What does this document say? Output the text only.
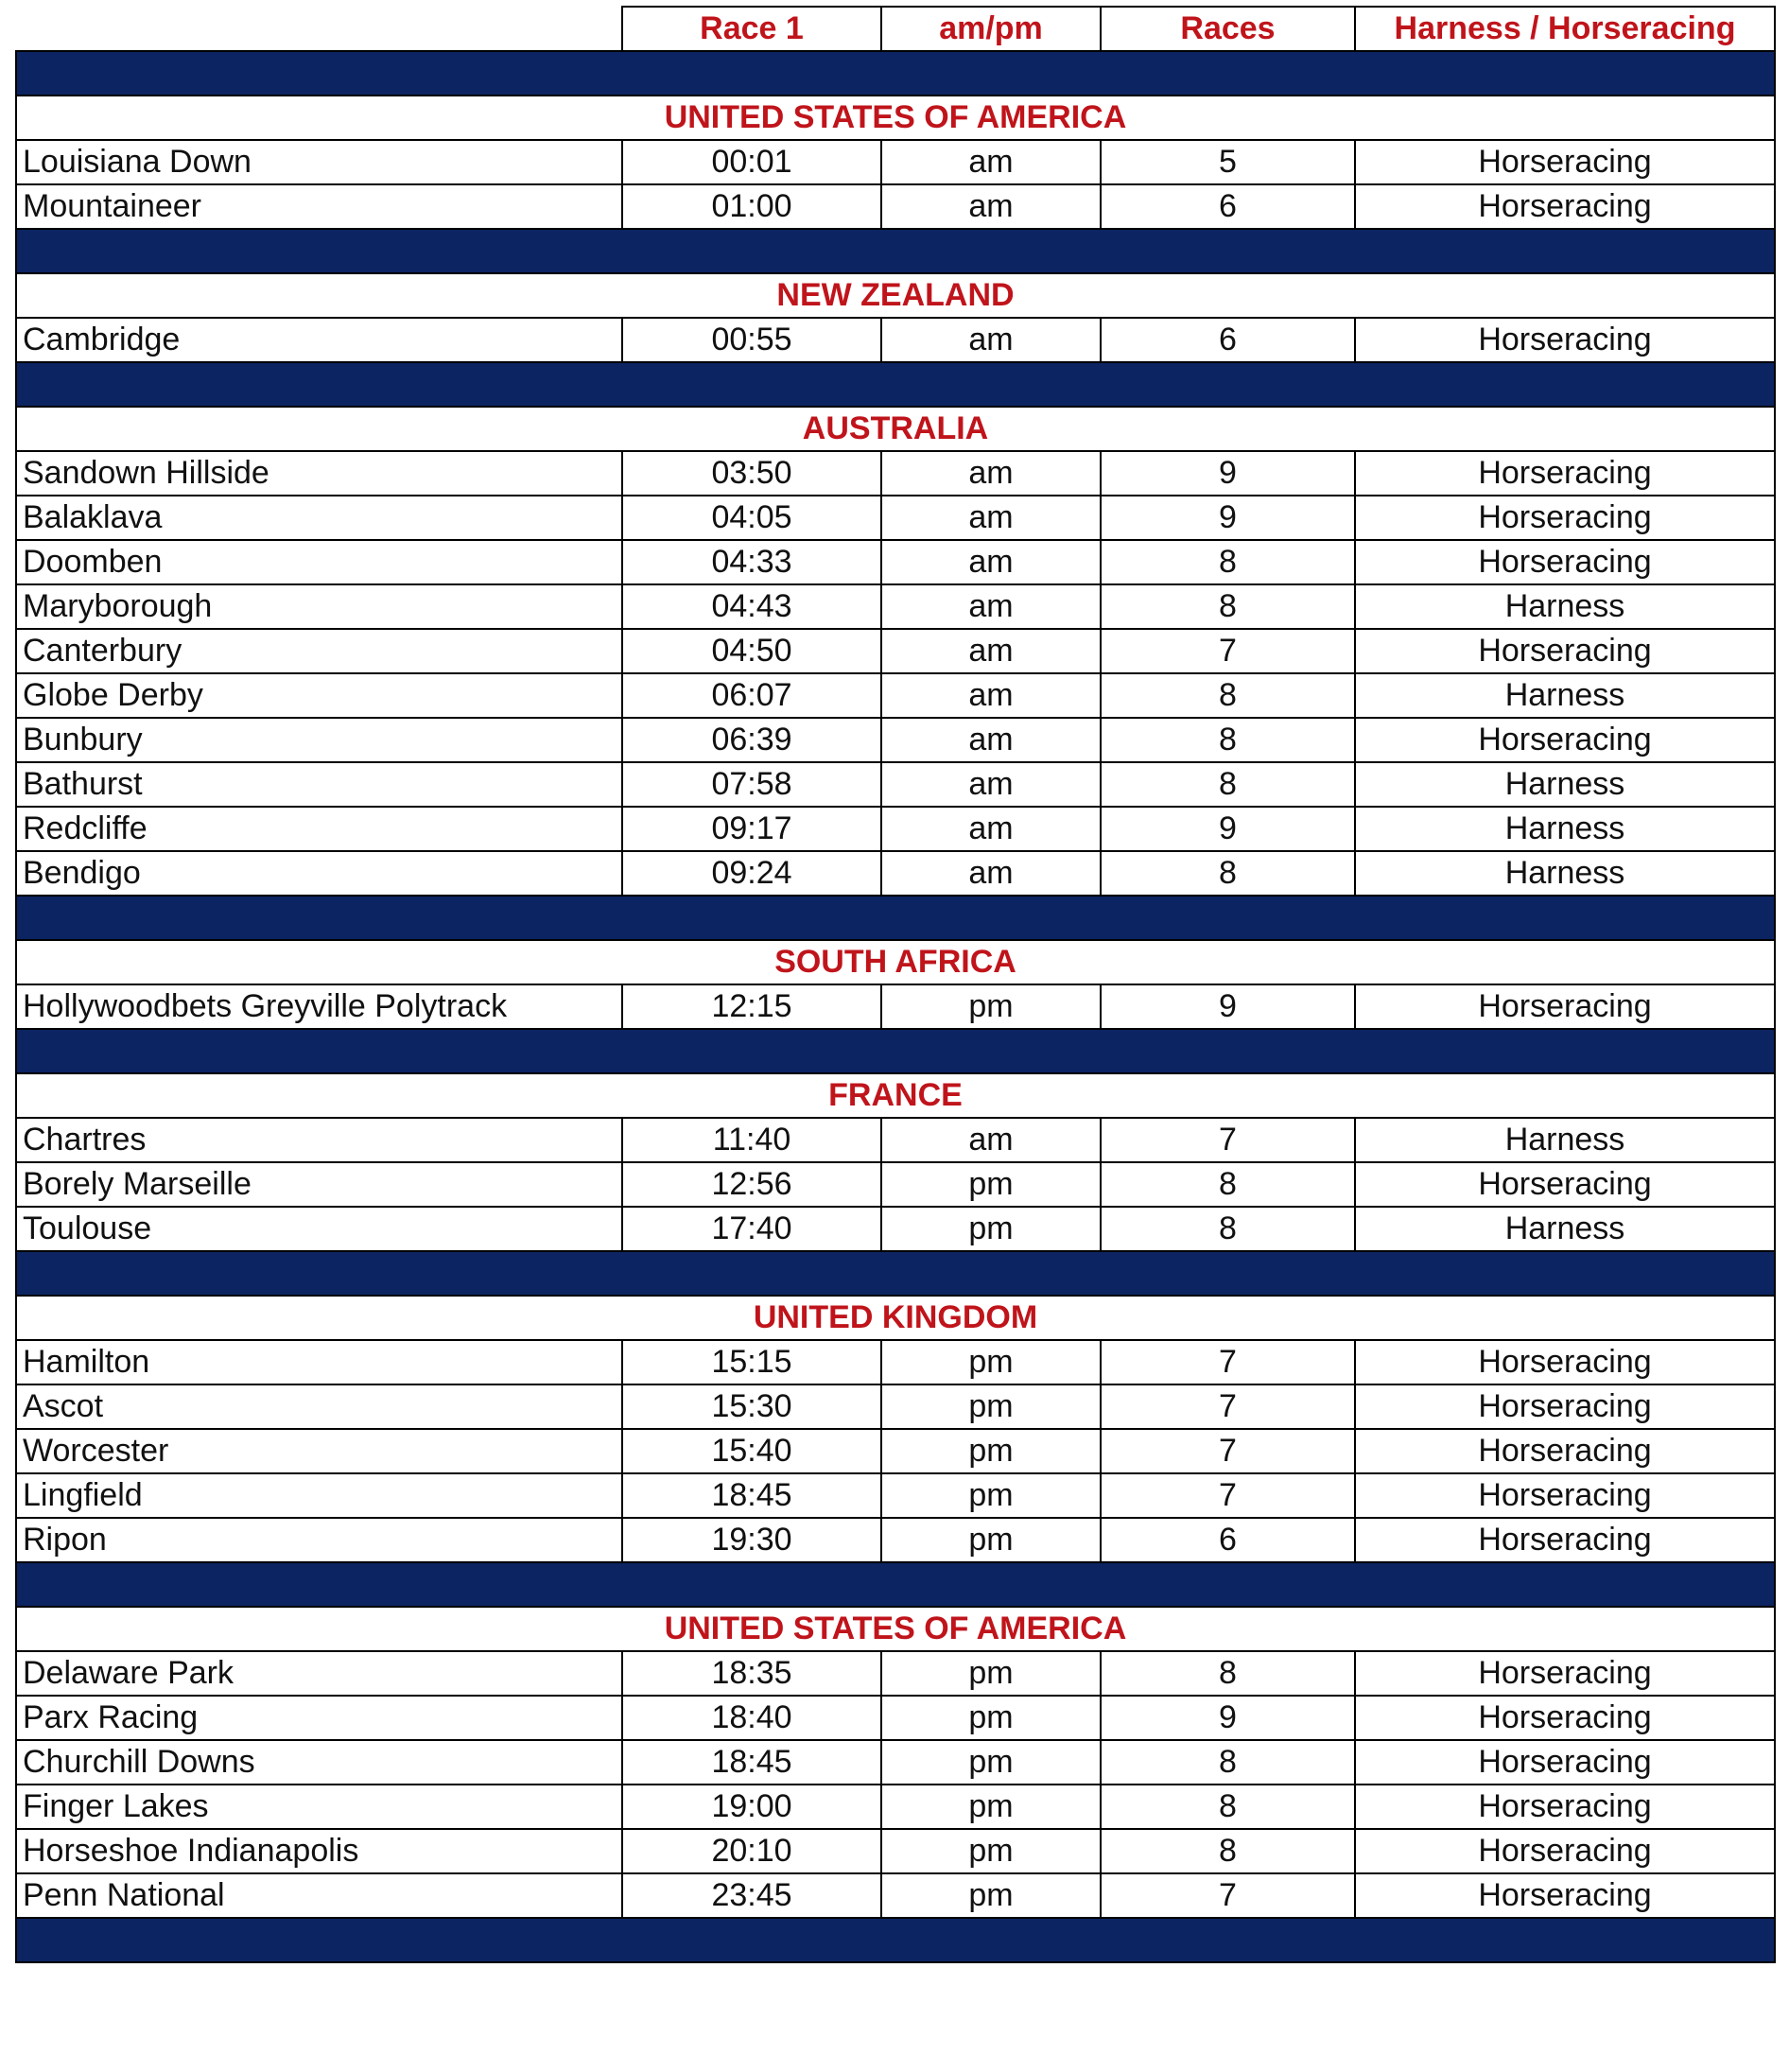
	Race 1	am/pm	Races	Harness / Horseracing

UNITED STATES OF AMERICA				
Louisiana Down	00:01	am	5	Horseracing
Mountaineer	01:00	am	6	Horseracing

NEW ZEALAND				
Cambridge	00:55	am	6	Horseracing

AUSTRALIA				
Sandown Hillside	03:50	am	9	Horseracing
Balaklava	04:05	am	9	Horseracing
Doomben	04:33	am	8	Horseracing
Maryborough	04:43	am	8	Harness
Canterbury	04:50	am	7	Horseracing
Globe Derby	06:07	am	8	Harness
Bunbury	06:39	am	8	Horseracing
Bathurst	07:58	am	8	Harness
Redcliffe	09:17	am	9	Harness
Bendigo	09:24	am	8	Harness

SOUTH AFRICA				
Hollywoodbets Greyville Polytrack	12:15	pm	9	Horseracing

FRANCE				
Chartres	11:40	am	7	Harness
Borely Marseille	12:56	pm	8	Horseracing
Toulouse	17:40	pm	8	Harness

UNITED KINGDOM				
Hamilton	15:15	pm	7	Horseracing
Ascot	15:30	pm	7	Horseracing
Worcester	15:40	pm	7	Horseracing
Lingfield	18:45	pm	7	Horseracing
Ripon	19:30	pm	6	Horseracing

UNITED STATES OF AMERICA				
Delaware Park	18:35	pm	8	Horseracing
Parx Racing	18:40	pm	9	Horseracing
Churchill Downs	18:45	pm	8	Horseracing
Finger Lakes	19:00	pm	8	Horseracing
Horseshoe Indianapolis	20:10	pm	8	Horseracing
Penn National	23:45	pm	7	Horseracing
